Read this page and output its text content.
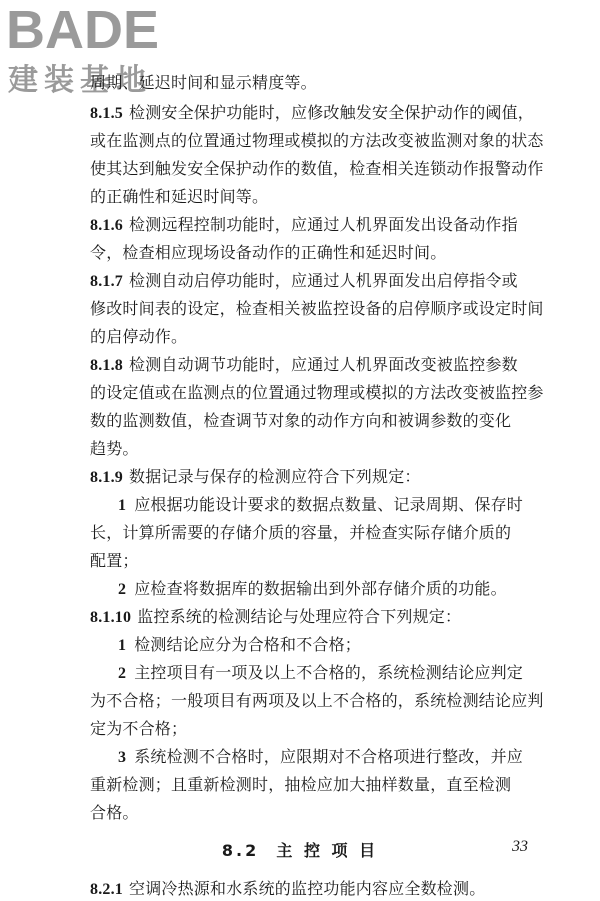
BADE
建装基地
周期、延迟时间和显示精度等。
8.1.5 检测安全保护功能时，应修改触发安全保护动作的阈值，
或在监测点的位置通过物理或模拟的方法改变被监测对象的状态
使其达到触发安全保护动作的数值，检查相关连锁动作报警动作
的正确性和延迟时间等。
8.1.6 检测远程控制功能时，应通过人机界面发出设备动作指
令，检查相应现场设备动作的正确性和延迟时间。
8.1.7 检测自动启停功能时，应通过人机界面发出启停指令或
修改时间表的设定，检查相关被监控设备的启停顺序或设定时间
的启停动作。
8.1.8 检测自动调节功能时，应通过人机界面改变被监控参数
的设定值或在监测点的位置通过物理或模拟的方法改变被监控参
数的监测数值，检查调节对象的动作方向和被调参数的变化
趋势。
8.1.9 数据记录与保存的检测应符合下列规定：
1 应根据功能设计要求的数据点数量、记录周期、保存时
长，计算所需要的存储介质的容量，并检查实际存储介质的
配置；
2 应检查将数据库的数据输出到外部存储介质的功能。
8.1.10 监控系统的检测结论与处理应符合下列规定：
1 检测结论应分为合格和不合格；
2 主控项目有一项及以上不合格的，系统检测结论应判定
为不合格；一般项目有两项及以上不合格的，系统检测结论应判
定为不合格；
3 系统检测不合格时，应限期对不合格项进行整改，并应
重新检测；且重新检测时，抽检应加大抽样数量，直至检测
合格。
8.2 主 控 项 目
8.2.1 空调冷热源和水系统的监控功能内容应全数检测。
33
